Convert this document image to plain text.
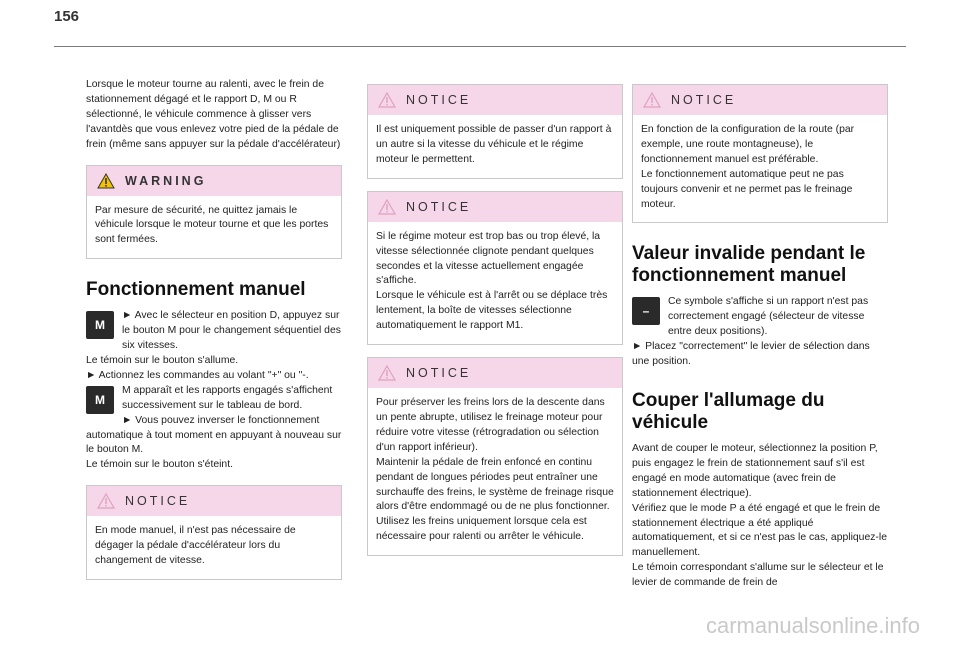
156

Lorsque le moteur tourne au ralenti, avec le frein de stationnement dégagé et le rapport D, M ou R sélectionné, le véhicule commence à glisser vers l'avantdès que vous enlevez votre pied de la pédale de frein (même sans appuyer sur la pédale d'accélérateur)

WARNING
Par mesure de sécurité, ne quittez jamais le véhicule lorsque le moteur tourne et que les portes sont fermées.
Fonctionnement manuel

M
► Avec le sélecteur en position D, appuyez sur le bouton M pour le changement séquentiel des six vitesses.

Le témoin sur le bouton s'allume.

► Actionnez les commandes au volant "+" ou "-.

M
M apparaît et les rapports engagés s'affichent successivement sur le tableau de bord.

► Vous pouvez inverser le fonctionnement automatique à tout moment en appuyant à nouveau sur le bouton M.

Le témoin sur le bouton s'éteint.

NOTICE
En mode manuel, il n'est pas nécessaire de dégager la pédale d'accélérateur lors du changement de vitesse.
NOTICE
Il est uniquement possible de passer d'un rapport à un autre si la vitesse du véhicule et le régime moteur le permettent.
NOTICE
Si le régime moteur est trop bas ou trop élevé, la vitesse sélectionnée clignote pendant quelques secondes et la vitesse actuellement engagée s'affiche.
Lorsque le véhicule est à l'arrêt ou se déplace très lentement, la boîte de vitesses sélectionne automatiquement le rapport M1.
NOTICE
Pour préserver les freins lors de la descente dans un pente abrupte, utilisez le freinage moteur pour réduire votre vitesse (rétrogradation ou sélection d'un rapport inférieur).
Maintenir la pédale de frein enfoncé en continu pendant de longues périodes peut entraîner une surchauffe des freins, le système de freinage risque alors d'être endommagé ou de ne plus fonctionner.
Utilisez les freins uniquement lorsque cela est nécessaire pour ralenti ou arrêter le véhicule.
NOTICE
En fonction de la configuration de la route (par exemple, une route montagneuse), le fonctionnement manuel est préférable.
Le fonctionnement automatique peut ne pas toujours convenir et ne permet pas le freinage moteur.
Valeur invalide pendant le fonctionnement manuel

–
Ce symbole s'affiche si un rapport n'est pas correctement engagé (sélecteur de vitesse entre deux positions).

► Placez "correctement" le levier de sélection dans une position.

Couper l'allumage du véhicule

Avant de couper le moteur, sélectionnez la position P, puis engagez le frein de stationnement sauf s'il est engagé en mode automatique (avec frein de stationnement électrique).

Vérifiez que le mode P a été engagé et que le frein de stationnement électrique a été appliqué automatiquement, et si ce n'est pas le cas, appliquez-le manuellement.

Le témoin correspondant s'allume sur le sélecteur et le levier de commande de frein de

carmanualsonline.info
